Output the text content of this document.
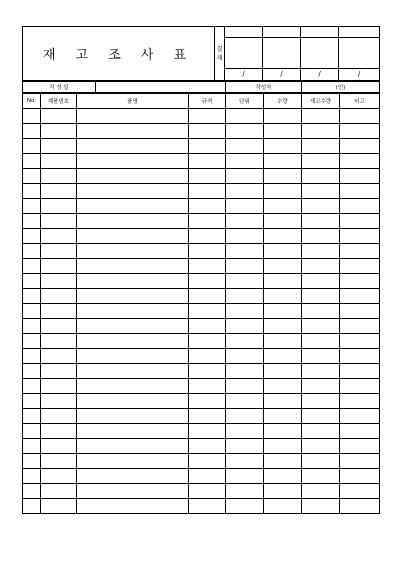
재 고 조 사 표	결
재				

		/	/	/	/
작 성 일		작성자	(인)
No.	제품번호	품명	규격	단위	수량	재고수량	비고
